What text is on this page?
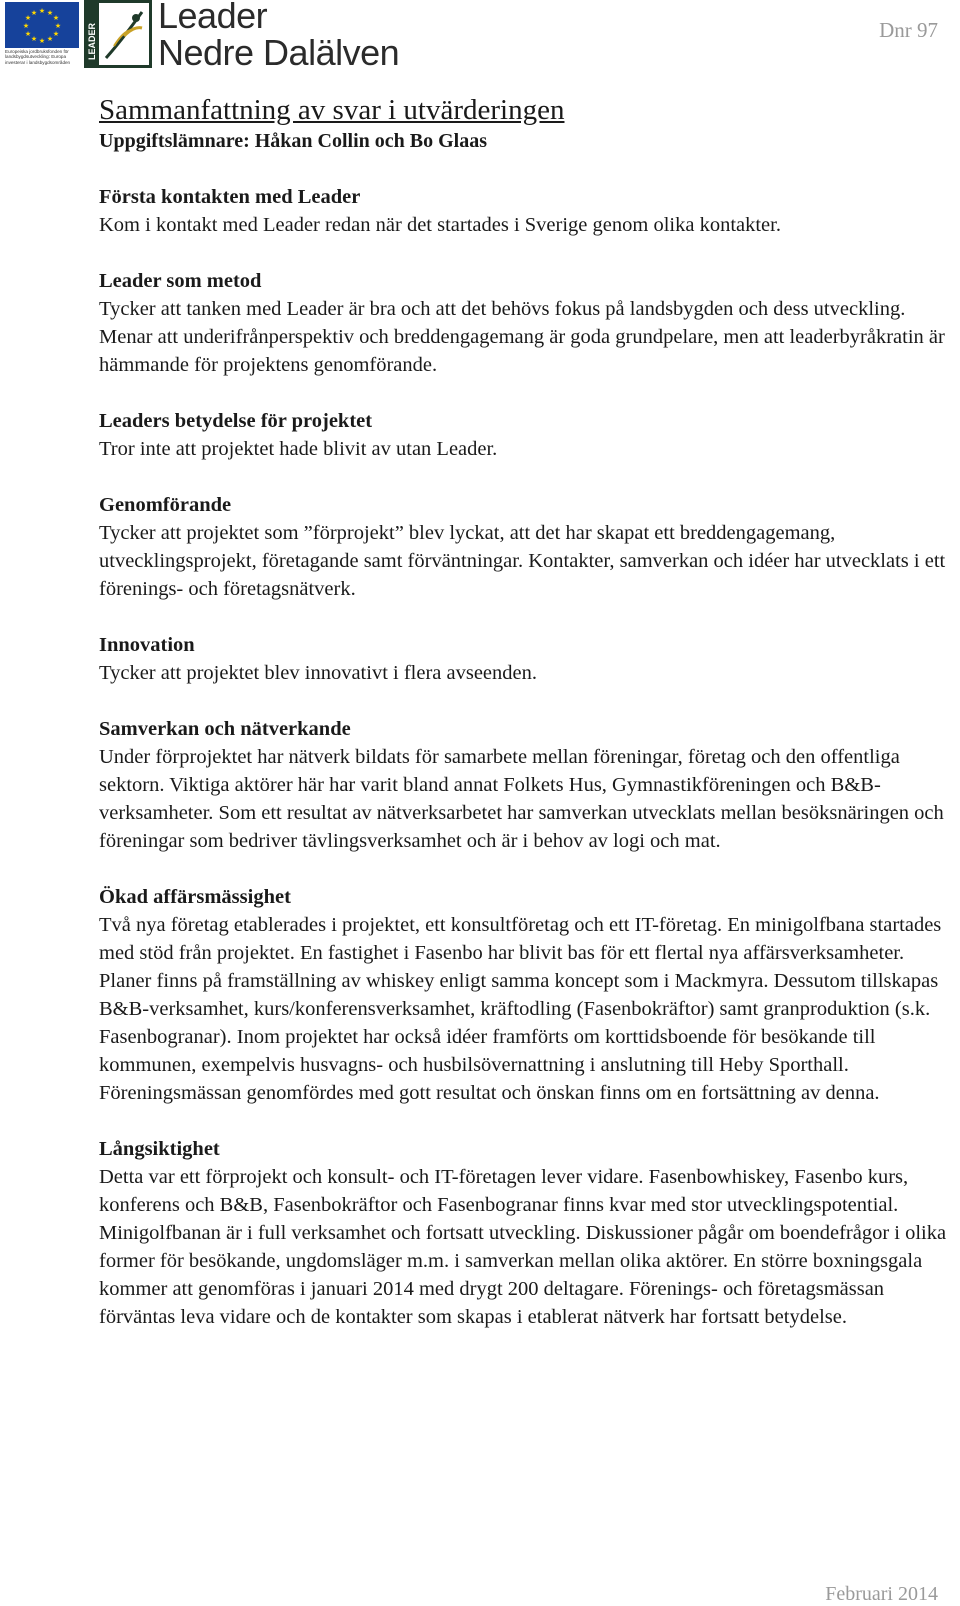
★ ★
★
★
★
★
★
★
★
★
★
★
Europeiska jordbruksfonden för landsbygdsutveckling: Europa investerar i landsbygdsområden
LEADER
Leader
Nedre Dalälven
Dnr 97
Sammanfattning av svar i utvärderingen

Uppgiftslämnare: Håkan Collin och Bo Glaas

Första kontakten med Leader

Kom i kontakt med Leader redan när det startades i Sverige genom olika kontakter.

Leader som metod

Tycker att tanken med Leader är bra och att det behövs fokus på landsbygden och dess utveckling. Menar att underifrånperspektiv och breddengagemang är goda grundpelare, men att leaderbyråkratin är hämmande för projektens genomförande.

Leaders betydelse för projektet

Tror inte att projektet hade blivit av utan Leader.

Genomförande

Tycker att projektet som ”förprojekt” blev lyckat, att det har skapat ett breddengagemang, utvecklingsprojekt, företagande samt förväntningar. Kontakter, samverkan och idéer har utvecklats i ett förenings- och företagsnätverk.

Innovation

Tycker att projektet blev innovativt i flera avseenden.

Samverkan och nätverkande

Under förprojektet har nätverk bildats för samarbete mellan föreningar, företag och den offentliga sektorn. Viktiga aktörer här har varit bland annat Folkets Hus, Gymnastikföreningen och B&B-verksamheter. Som ett resultat av nätverksarbetet har samverkan utvecklats mellan besöksnäringen och föreningar som bedriver tävlingsverksamhet och är i behov av logi och mat.

Ökad affärsmässighet

Två nya företag etablerades i projektet, ett konsultföretag och ett IT-företag. En minigolfbana startades med stöd från projektet. En fastighet i Fasenbo har blivit bas för ett flertal nya affärsverksamheter. Planer finns på framställning av whiskey enligt samma koncept som i Mackmyra. Dessutom tillskapas B&B-verksamhet, kurs/konferensverksamhet, kräftodling (Fasenbokräftor) samt granproduktion (s.k. Fasenbogranar). Inom projektet har också idéer framförts om korttidsboende för besökande till kommunen, exempelvis husvagns- och husbilsövernattning i anslutning till Heby Sporthall. Föreningsmässan genomfördes med gott resultat och önskan finns om en fortsättning av denna.

Långsiktighet

Detta var ett förprojekt och konsult- och IT-företagen lever vidare. Fasenbowhiskey, Fasenbo kurs, konferens och B&B, Fasenbokräftor och Fasenbogranar finns kvar med stor utvecklingspotential. Minigolfbanan är i full verksamhet och fortsatt utveckling. Diskussioner pågår om boendefrågor i olika former för besökande, ungdomsläger m.m. i samverkan mellan olika aktörer. En större boxningsgala kommer att genomföras i januari 2014 med drygt 200 deltagare. Förenings- och företagsmässan förväntas leva vidare och de kontakter som skapas i etablerat nätverk har fortsatt betydelse.

Februari 2014
